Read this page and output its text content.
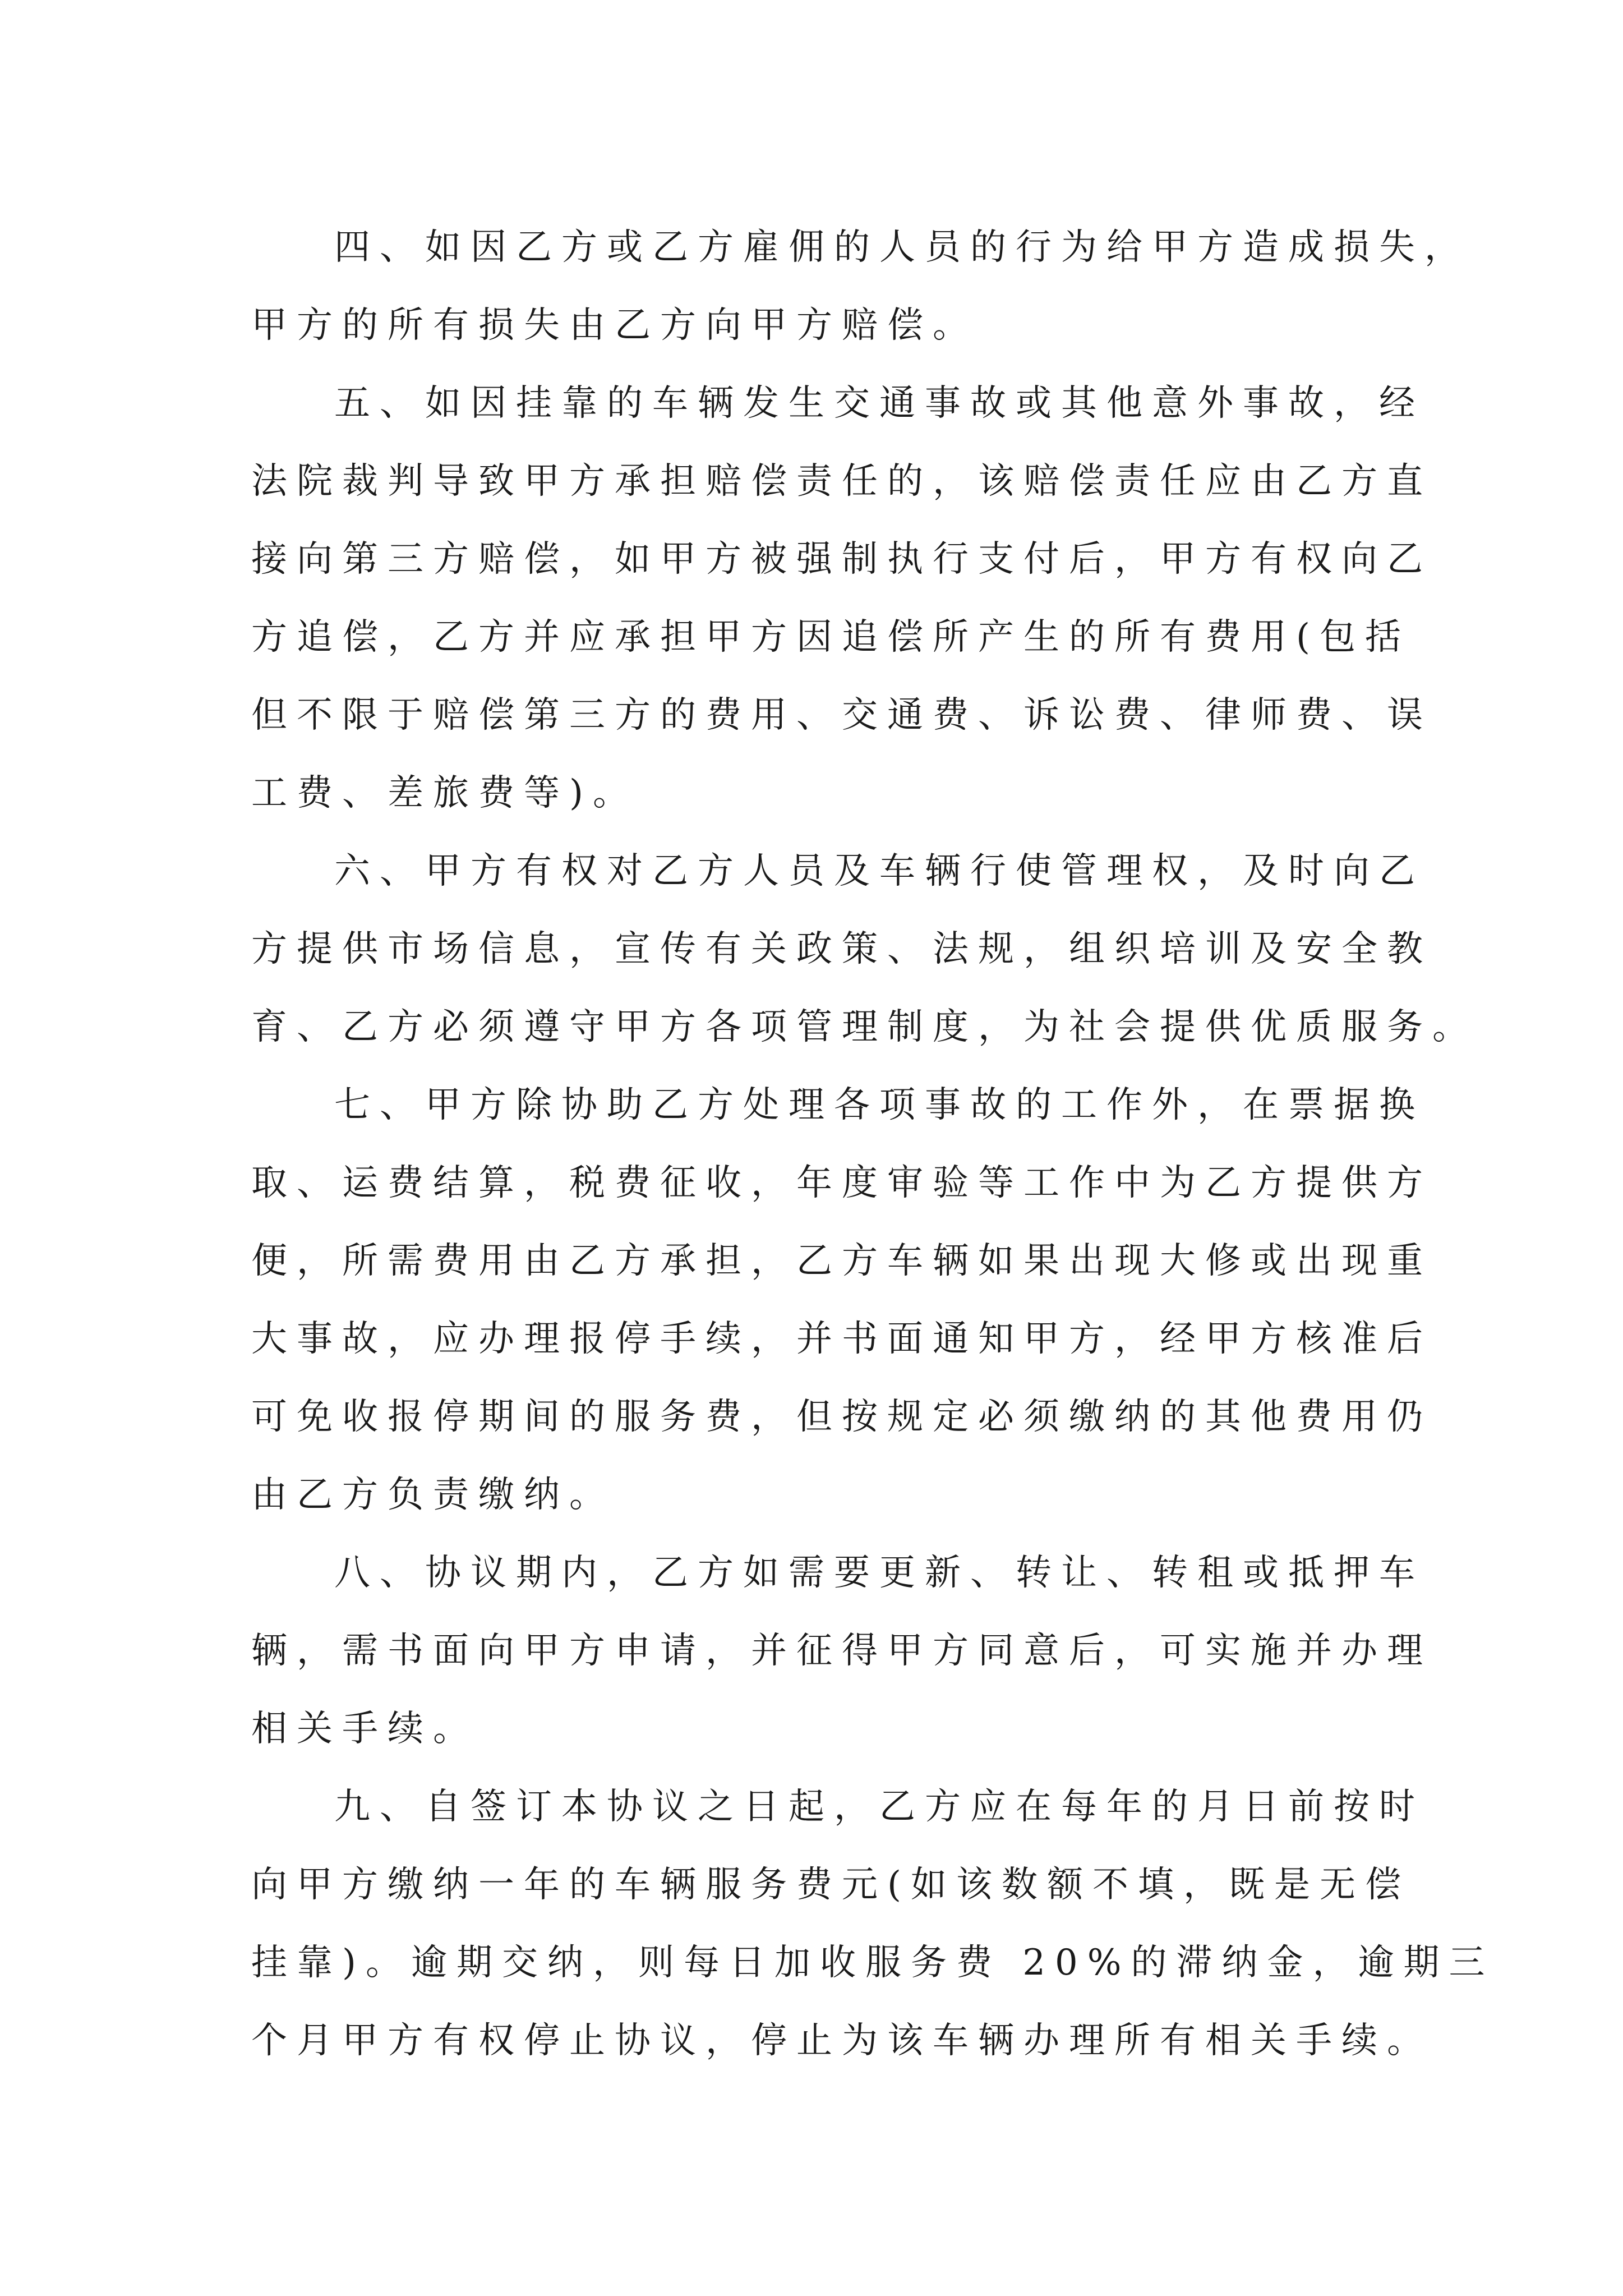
四、如因乙方或乙方雇佣的人员的行为给甲方造成损失，
甲方的所有损失由乙方向甲方赔偿。
五、如因挂靠的车辆发生交通事故或其他意外事故，经
法院裁判导致甲方承担赔偿责任的，该赔偿责任应由乙方直
接向第三方赔偿，如甲方被强制执行支付后，甲方有权向乙
方追偿，乙方并应承担甲方因追偿所产生的所有费用(包括
但不限于赔偿第三方的费用、交通费、诉讼费、律师费、误
工费、差旅费等)。
六、甲方有权对乙方人员及车辆行使管理权，及时向乙
方提供市场信息，宣传有关政策、法规，组织培训及安全教
育、乙方必须遵守甲方各项管理制度，为社会提供优质服务。
七、甲方除协助乙方处理各项事故的工作外，在票据换
取、运费结算，税费征收，年度审验等工作中为乙方提供方
便，所需费用由乙方承担，乙方车辆如果出现大修或出现重
大事故，应办理报停手续，并书面通知甲方，经甲方核准后
可免收报停期间的服务费，但按规定必须缴纳的其他费用仍
由乙方负责缴纳。
八、协议期内，乙方如需要更新、转让、转租或抵押车
辆，需书面向甲方申请，并征得甲方同意后，可实施并办理
相关手续。
九、自签订本协议之日起，乙方应在每年的月日前按时
向甲方缴纳一年的车辆服务费元(如该数额不填，既是无偿
挂靠)。逾期交纳，则每日加收服务费 20%的滞纳金，逾期三
个月甲方有权停止协议，停止为该车辆办理所有相关手续。
